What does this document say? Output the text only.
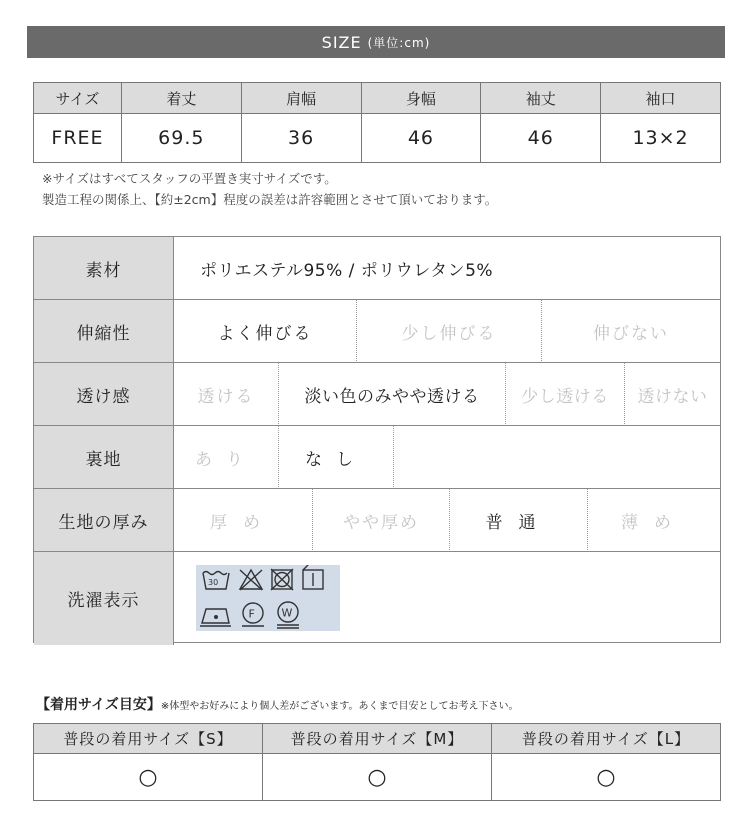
SIZE (単位:cm)
サイズ	着丈	肩幅	身幅	袖丈	袖口
FREE	69.5	36	46	46	13×2
※サイズはすべてスタッフの平置き実寸サイズです。
製造工程の関係上、【約±2cm】程度の誤差は許容範囲とさせて頂いております。
素材	ポリエステル95% / ポリウレタン5%
伸縮性	よく伸びる	少し伸びる	伸びない
透け感	透ける	淡い色のみやや透ける	少し透ける	透けない
裏地	あり	なし
生地の厚み	厚め	やや厚め	普通	薄め
洗濯表示
30
F W
【着用サイズ目安】※体型やお好みにより個人差がございます。あくまで目安としてお考え下さい。
普段の着用サイズ【S】	普段の着用サイズ【M】	普段の着用サイズ【L】
○	○	○
